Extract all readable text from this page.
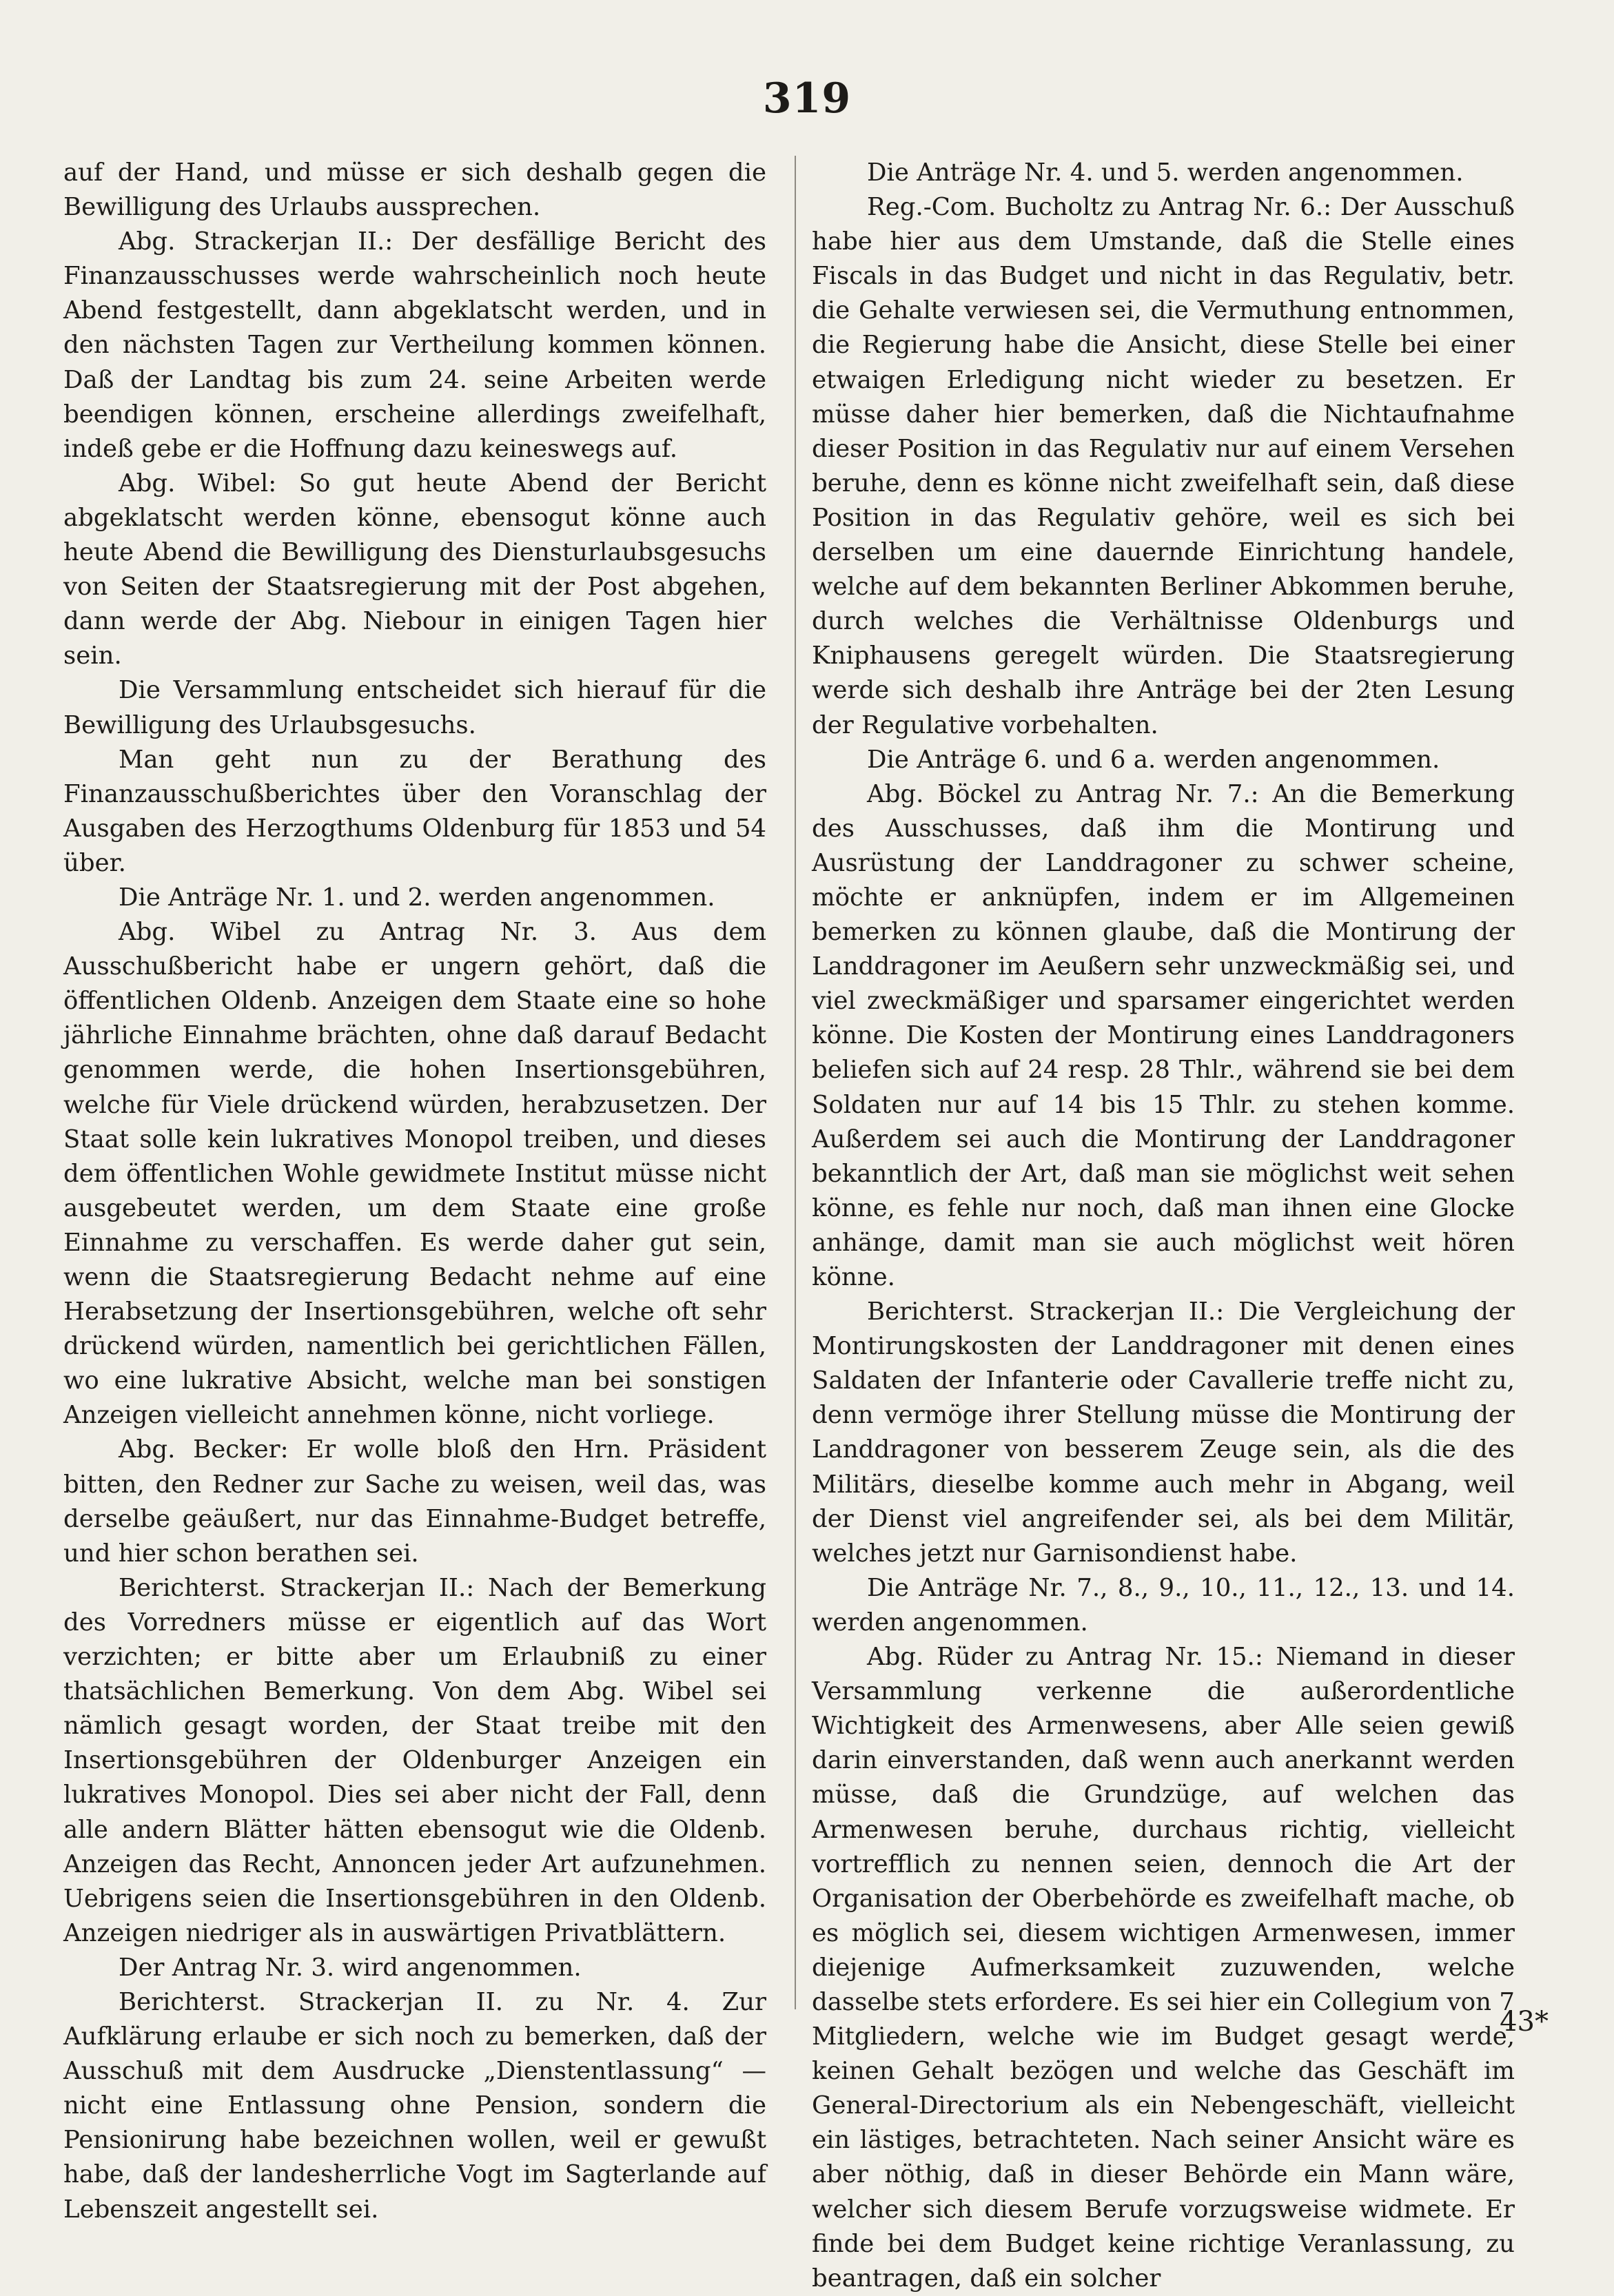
319

auf der Hand, und müsse er sich deshalb gegen die Bewilligung des Urlaubs aussprechen.

Abg. Strackerjan II.: Der desfällige Bericht des Finanzausschusses werde wahrscheinlich noch heute Abend festgestellt, dann abgeklatscht werden, und in den nächsten Tagen zur Vertheilung kommen können. Daß der Landtag bis zum 24. seine Arbeiten werde beendigen können, erscheine allerdings zweifelhaft, indeß gebe er die Hoffnung dazu keineswegs auf.

Abg. Wibel: So gut heute Abend der Bericht abgeklatscht werden könne, ebensogut könne auch heute Abend die Bewilligung des Diensturlaubsgesuchs von Seiten der Staatsregierung mit der Post abgehen, dann werde der Abg. Niebour in einigen Tagen hier sein.

Die Versammlung entscheidet sich hierauf für die Bewilligung des Urlaubsgesuchs.

Man geht nun zu der Berathung des Finanzausschußberichtes über den Voranschlag der Ausgaben des Herzogthums Oldenburg für 1853 und 54 über.

Die Anträge Nr. 1. und 2. werden angenommen.

Abg. Wibel zu Antrag Nr. 3. Aus dem Ausschußbericht habe er ungern gehört, daß die öffentlichen Oldenb. Anzeigen dem Staate eine so hohe jährliche Einnahme brächten, ohne daß darauf Bedacht genommen werde, die hohen Insertionsgebühren, welche für Viele drückend würden, herabzusetzen. Der Staat solle kein lukratives Monopol treiben, und dieses dem öffentlichen Wohle gewidmete Institut müsse nicht ausgebeutet werden, um dem Staate eine große Einnahme zu verschaffen. Es werde daher gut sein, wenn die Staatsregierung Bedacht nehme auf eine Herabsetzung der Insertionsgebühren, welche oft sehr drückend würden, namentlich bei gerichtlichen Fällen, wo eine lukrative Absicht, welche man bei sonstigen Anzeigen vielleicht annehmen könne, nicht vorliege.

Abg. Becker: Er wolle bloß den Hrn. Präsident bitten, den Redner zur Sache zu weisen, weil das, was derselbe geäußert, nur das Einnahme-Budget betreffe, und hier schon berathen sei.

Berichterst. Strackerjan II.: Nach der Bemerkung des Vorredners müsse er eigentlich auf das Wort verzichten; er bitte aber um Erlaubniß zu einer thatsächlichen Bemerkung. Von dem Abg. Wibel sei nämlich gesagt worden, der Staat treibe mit den Insertionsgebühren der Oldenburger Anzeigen ein lukratives Monopol. Dies sei aber nicht der Fall, denn alle andern Blätter hätten ebensogut wie die Oldenb. Anzeigen das Recht, Annoncen jeder Art aufzunehmen. Uebrigens seien die Insertionsgebühren in den Oldenb. Anzeigen niedriger als in auswärtigen Privatblättern.

Der Antrag Nr. 3. wird angenommen.

Berichterst. Strackerjan II. zu Nr. 4. Zur Aufklärung erlaube er sich noch zu bemerken, daß der Ausschuß mit dem Ausdrucke „Dienstentlassung“ — nicht eine Entlassung ohne Pension, sondern die Pensionirung habe bezeichnen wollen, weil er gewußt habe, daß der landesherrliche Vogt im Sagterlande auf Lebenszeit angestellt sei.

Die Anträge Nr. 4. und 5. werden angenommen.

Reg.-Com. Bucholtz zu Antrag Nr. 6.: Der Ausschuß habe hier aus dem Umstande, daß die Stelle eines Fiscals in das Budget und nicht in das Regulativ, betr. die Gehalte verwiesen sei, die Vermuthung entnommen, die Regierung habe die Ansicht, diese Stelle bei einer etwaigen Erledigung nicht wieder zu besetzen. Er müsse daher hier bemerken, daß die Nichtaufnahme dieser Position in das Regulativ nur auf einem Versehen beruhe, denn es könne nicht zweifelhaft sein, daß diese Position in das Regulativ gehöre, weil es sich bei derselben um eine dauernde Einrichtung handele, welche auf dem bekannten Berliner Abkommen beruhe, durch welches die Verhältnisse Oldenburgs und Kniphausens geregelt würden. Die Staatsregierung werde sich deshalb ihre Anträge bei der 2ten Lesung der Regulative vorbehalten.

Die Anträge 6. und 6 a. werden angenommen.

Abg. Böckel zu Antrag Nr. 7.: An die Bemerkung des Ausschusses, daß ihm die Montirung und Ausrüstung der Landdragoner zu schwer scheine, möchte er anknüpfen, indem er im Allgemeinen bemerken zu können glaube, daß die Montirung der Landdragoner im Aeußern sehr unzweckmäßig sei, und viel zweckmäßiger und sparsamer eingerichtet werden könne. Die Kosten der Montirung eines Landdragoners beliefen sich auf 24 resp. 28 Thlr., während sie bei dem Soldaten nur auf 14 bis 15 Thlr. zu stehen komme. Außerdem sei auch die Montirung der Landdragoner bekanntlich der Art, daß man sie möglichst weit sehen könne, es fehle nur noch, daß man ihnen eine Glocke anhänge, damit man sie auch möglichst weit hören könne.

Berichterst. Strackerjan II.: Die Vergleichung der Montirungskosten der Landdragoner mit denen eines Saldaten der Infanterie oder Cavallerie treffe nicht zu, denn vermöge ihrer Stellung müsse die Montirung der Landdragoner von besserem Zeuge sein, als die des Militärs, dieselbe komme auch mehr in Abgang, weil der Dienst viel angreifender sei, als bei dem Militär, welches jetzt nur Garnisondienst habe.

Die Anträge Nr. 7., 8., 9., 10., 11., 12., 13. und 14. werden angenommen.

Abg. Rüder zu Antrag Nr. 15.: Niemand in dieser Versammlung verkenne die außerordentliche Wichtigkeit des Armenwesens, aber Alle seien gewiß darin einverstanden, daß wenn auch anerkannt werden müsse, daß die Grundzüge, auf welchen das Armenwesen beruhe, durchaus richtig, vielleicht vortrefflich zu nennen seien, dennoch die Art der Organisation der Oberbehörde es zweifelhaft mache, ob es möglich sei, diesem wichtigen Armenwesen, immer diejenige Aufmerksamkeit zuzuwenden, welche dasselbe stets erfordere. Es sei hier ein Collegium von 7 Mitgliedern, welche wie im Budget gesagt werde, keinen Gehalt bezögen und welche das Geschäft im General-Directorium als ein Nebengeschäft, vielleicht ein lästiges, betrachteten. Nach seiner Ansicht wäre es aber nöthig, daß in dieser Behörde ein Mann wäre, welcher sich diesem Berufe vorzugsweise widmete. Er finde bei dem Budget keine richtige Veranlassung, zu beantragen, daß ein solcher

43*
